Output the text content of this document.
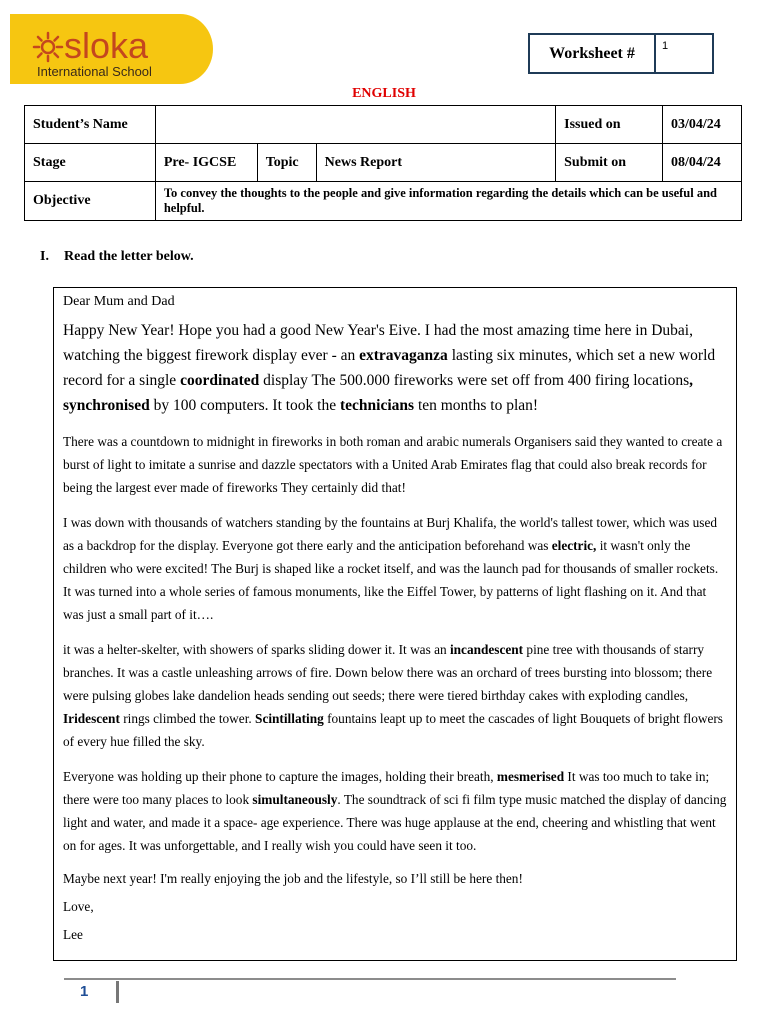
sloka
International School
Worksheet #	1
ENGLISH
Student’s Name				Issued on	03/04/24
Stage	Pre- IGCSE	Topic	News Report	Submit on	08/04/24
Objective	To convey the thoughts to the people and give information regarding the details which can be useful and helpful.				
I. Read the letter below.

Dear Mum and Dad

Happy New Year! Hope you had a good New Year's Eive. I had the most amazing time here in Dubai, watching the biggest firework display ever - an extravaganza lasting six minutes, which set a new world record for a single coordinated display The 500.000 fireworks were set off from 400 firing locations, synchronised by 100 computers. It took the technicians ten months to plan!

There was a countdown to midnight in fireworks in both roman and arabic numerals Organisers said they wanted to create a burst of light to imitate a sunrise and dazzle spectators with a United Arab Emirates flag that could also break records for being the largest ever made of fireworks They certainly did that!

I was down with thousands of watchers standing by the fountains at Burj Khalifa, the world's tallest tower, which was used as a backdrop for the display. Everyone got there early and the anticipation beforehand was electric, it wasn't only the children who were excited! The Burj is shaped like a rocket itself, and was the launch pad for thousands of smaller rockets. It was turned into a whole series of famous monuments, like the Eiffel Tower, by patterns of light flashing on it. And that was just a small part of it….

it was a helter-skelter, with showers of sparks sliding dower it. It was an incandescent pine tree with thousands of starry branches. It was a castle unleashing arrows of fire. Down below there was an orchard of trees bursting into blossom; there were pulsing globes lake dandelion heads sending out seeds; there were tiered birthday cakes with exploding candles, Iridescent rings climbed the tower. Scintillating fountains leapt up to meet the cascades of light Bouquets of bright flowers of every hue filled the sky.

Everyone was holding up their phone to capture the images, holding their breath, mesmerised It was too much to take in; there were too many places to look simultaneously. The soundtrack of sci fi film type music matched the display of dancing light and water, and made it a space- age experience. There was huge applause at the end, cheering and whistling that went on for ages. It was unforgettable, and I really wish you could have seen it too.

Maybe next year! I'm really enjoying the job and the lifestyle, so I’ll still be here then!

Love,

Lee

1
